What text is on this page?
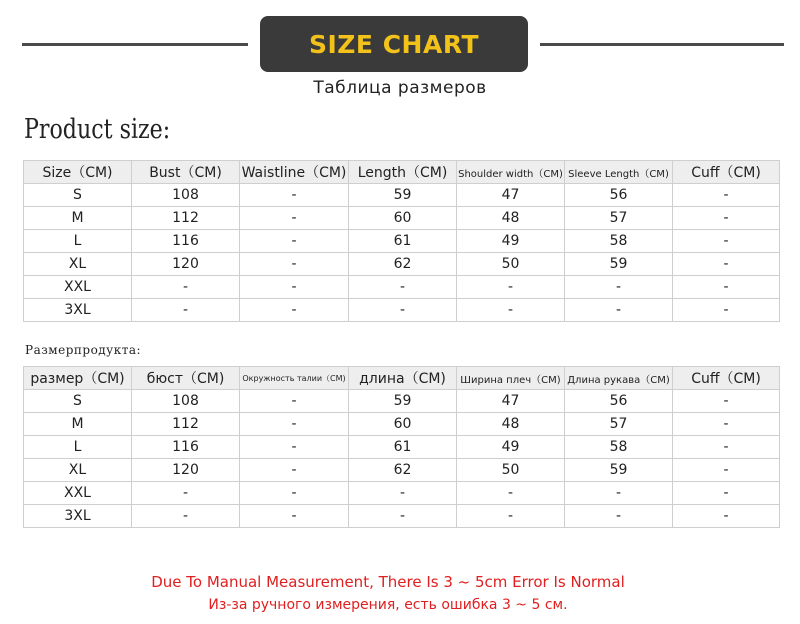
SIZE CHART
Таблица размеров
Product size:
Size（CM)	Bust（CM)	Waistline（CM)	Length（CM)	Shoulder width（CM)	Sleeve Length（CM)	Cuff（CM)
S	108	-	59	47	56	-
M	112	-	60	48	57	-
L	116	-	61	49	58	-
XL	120	-	62	50	59	-
XXL	-	-	-	-	-	-
3XL	-	-	-	-	-	-
Размерпродукта:
размер（CM)	бюст（CM)	Окружность талии（CM)	длина（CM)	Ширина плеч（CM)	Длина рукава（CM)	Cuff（CM)
S	108	-	59	47	56	-
M	112	-	60	48	57	-
L	116	-	61	49	58	-
XL	120	-	62	50	59	-
XXL	-	-	-	-	-	-
3XL	-	-	-	-	-	-
Due To Manual Measurement, There Is 3 ~ 5cm Error Is Normal
Из-за ручного измерения, есть ошибка 3 ~ 5 см.
